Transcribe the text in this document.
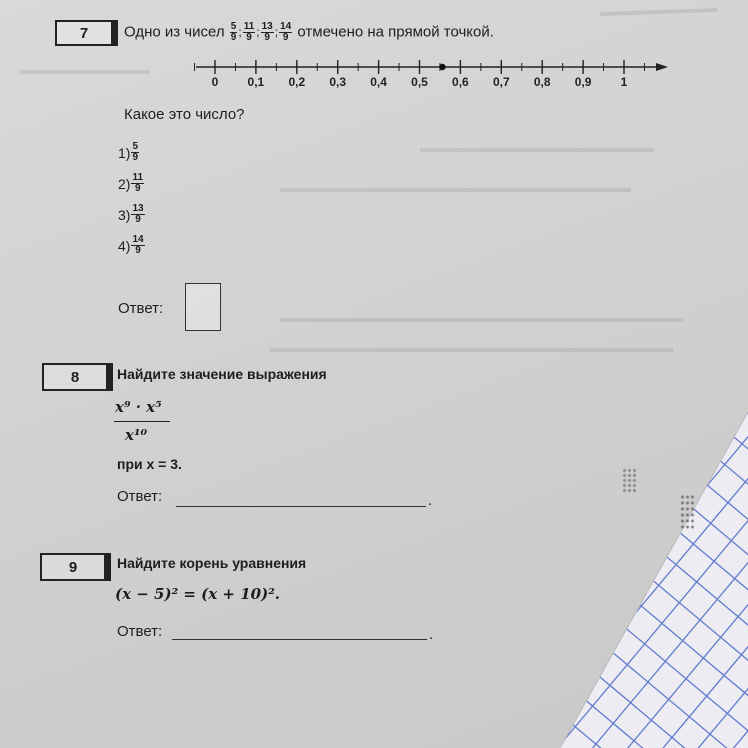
▬▬▬▬▬▬▬▬▬
▬▬▬▬▬▬▬▬▬▬
▬▬▬▬▬▬▬▬▬▬▬▬▬▬▬▬▬▬
▬▬▬▬▬▬▬▬▬▬▬▬▬▬▬▬▬▬▬▬▬▬▬▬▬▬▬
▬▬▬▬▬▬▬▬▬▬▬▬▬▬▬▬▬▬▬▬▬▬▬▬▬▬▬▬▬▬▬
▬▬▬▬▬▬▬▬▬▬▬▬▬▬▬▬▬▬▬▬▬▬▬▬▬▬▬▬▬▬▬
7 Одно из чисел $\frac{5}{9}$ ; $\frac{11}{9}$ ; $\frac{13}{9}$ ; $\frac{14}{9}$ отмечено на прямой точкой.
0 0,1 0,2 0,3 0,4 0,5 0,6 0,7 0,8 0,9 1
Какое это число?
$1) \frac{5}{9}$
$2) \frac{11}{9}$
$3) \frac{13}{9}$
$4) \frac{14}{9}$
Ответ:
8	Найдите значение выражения
x⁹ · x⁵
x¹⁰
при x = 3.
Ответ:	.
9	Найдите корень уравнения
(x − 5)² = (x + 10)².
Ответ:	.
